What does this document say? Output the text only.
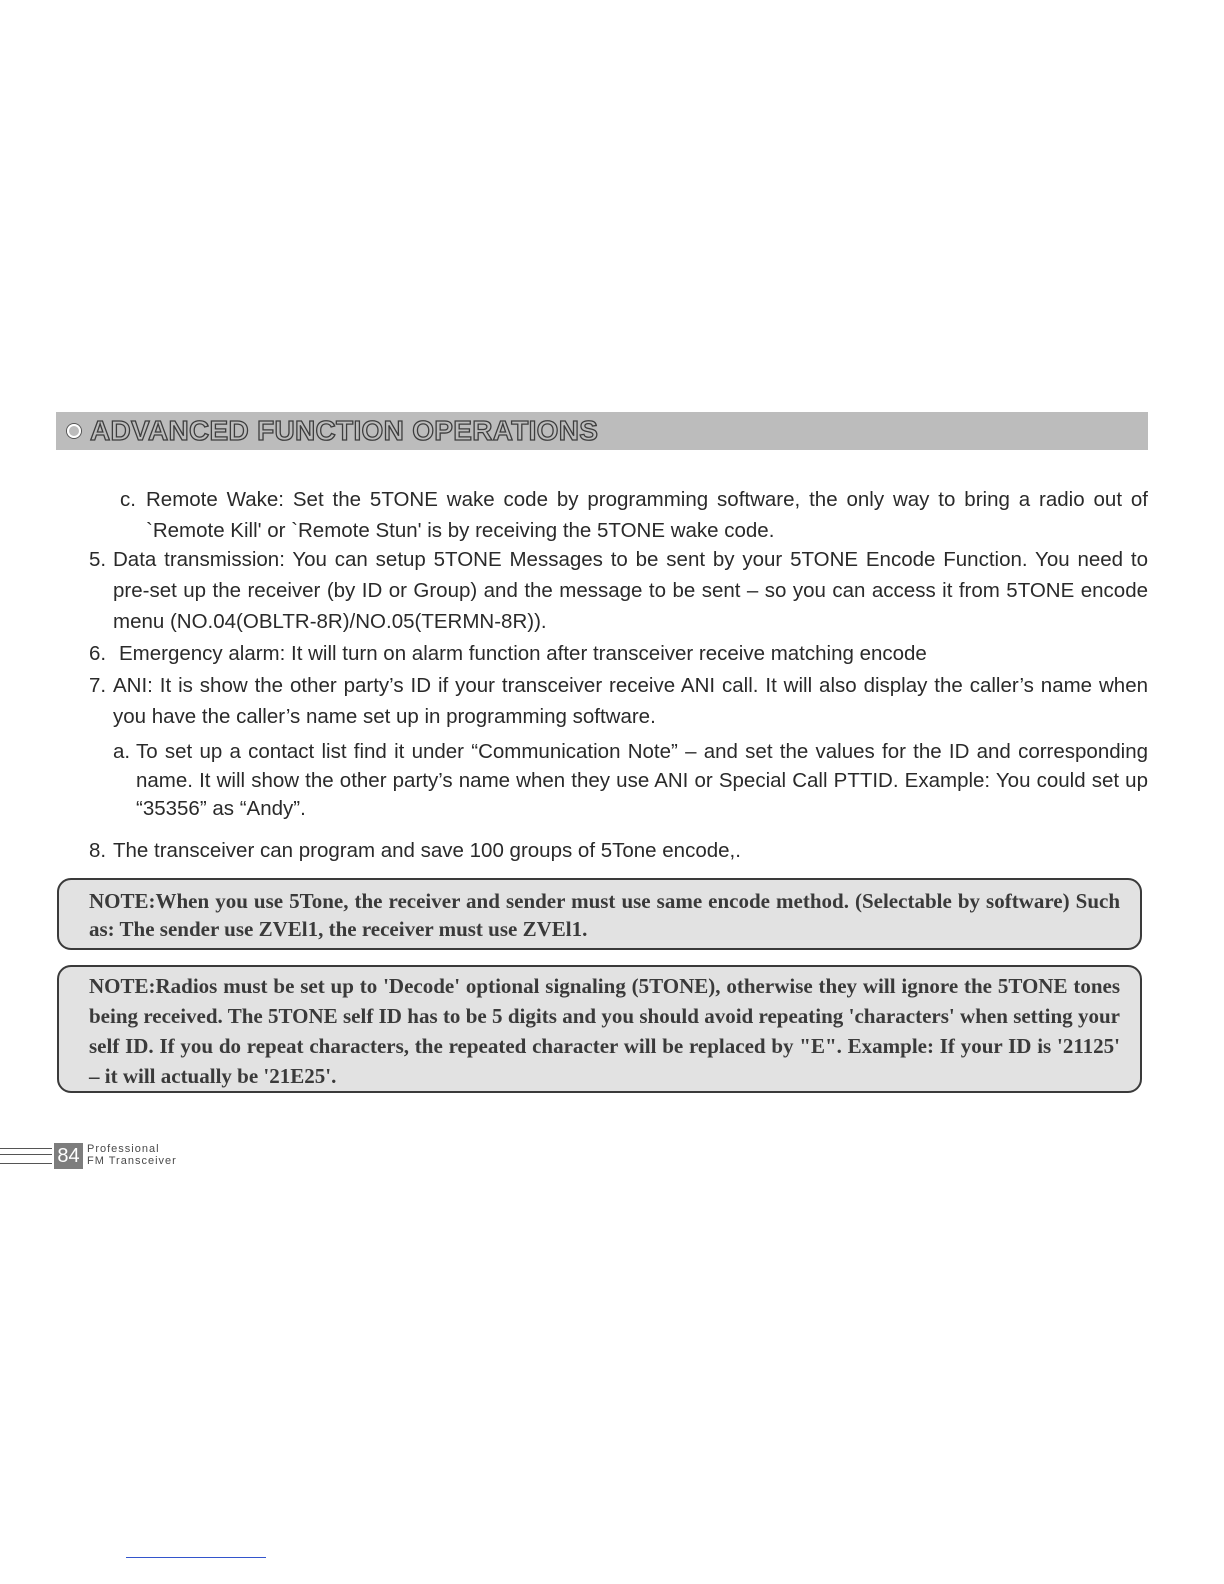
ADVANCED FUNCTION OPERATIONS
c. Remote Wake: Set the 5TONE wake code by programming software, the only way to bring a radio out of `Remote Kill' or `Remote Stun' is by receiving the 5TONE wake code.
5. Data transmission: You can setup 5TONE Messages to be sent by your 5TONE Encode Function. You need to pre-set up the receiver (by ID or Group) and the message to be sent – so you can access it from 5TONE encode menu (NO.04(OBLTR-8R)/NO.05(TERMN-8R)).
6. Emergency alarm: It will turn on alarm function after transceiver receive matching encode
7. ANI: It is show the other party’s ID if your transceiver receive ANI call. It will also display the caller’s name when you have the caller’s name set up in programming software.
a. To set up a contact list find it under “Communication Note” – and set the values for the ID and corresponding name. It will show the other party’s name when they use ANI or Special Call PTTID. Example: You could set up “35356” as “Andy”.
8. The transceiver can program and save 100 groups of 5Tone encode,.

NOTE:When you use 5Tone, the receiver and sender must use same encode method. (Selectable by software) Such as: The sender use ZVEl1, the receiver must use ZVEl1.

NOTE:Radios must be set up to 'Decode' optional signaling (5TONE), otherwise they will ignore the 5TONE tones being received. The 5TONE self ID has to be 5 digits and you should avoid repeating 'characters' when setting your self ID. If you do repeat characters, the repeated character will be replaced by "E". Example: If your ID is '21125' – it will actually be '21E25'.

84 Professional
FM Transceiver
